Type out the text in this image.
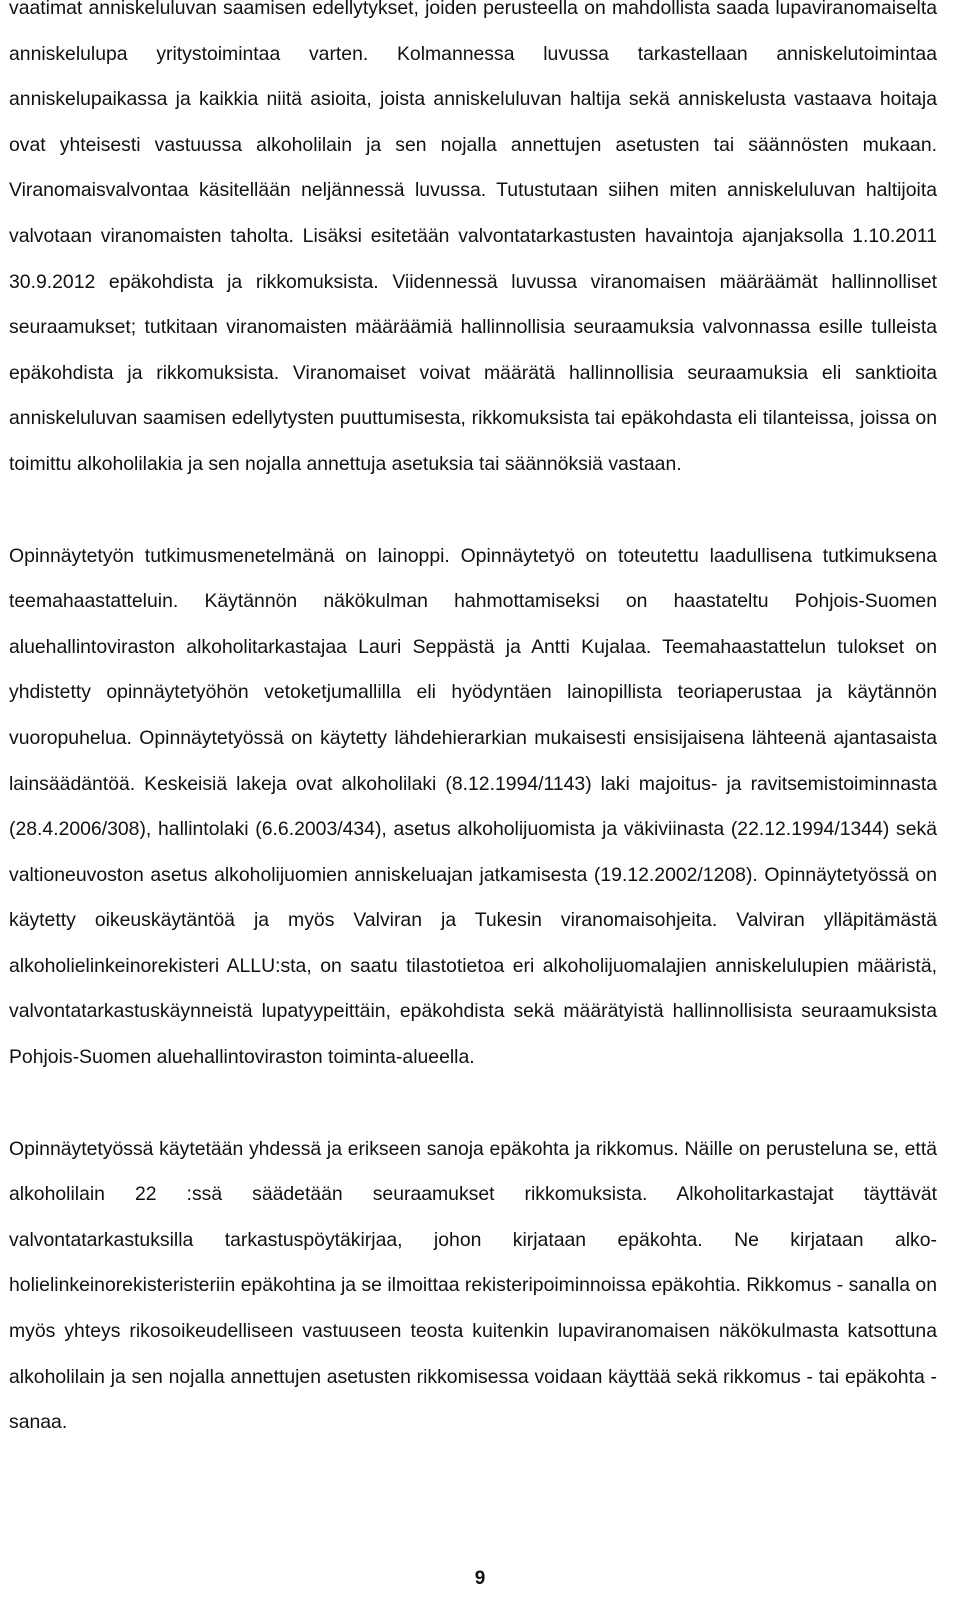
vaatimat anniskeluluvan saamisen edellytykset, joiden perusteella on mahdollista saada lupaviranomaiselta anniskelulupa yritystoimintaa varten. Kolmannessa luvussa tarkastellaan anniskelutoimintaa anniskelupaikassa ja kaikkia niitä asioita, joista anniskeluluvan haltija sekä anniskelusta vastaava hoitaja ovat yhteisesti vastuussa alkoholilain ja sen nojalla annettujen asetusten tai säännösten mukaan. Viranomaisvalvontaa käsitellään neljännessä luvussa. Tutustutaan siihen miten anniskeluluvan haltijoita valvotaan viranomaisten taholta. Lisäksi esitetään valvontatarkastusten havaintoja ajanjaksolla 1.10.2011 30.9.2012 epäkohdista ja rikkomuksista. Viidennessä luvussa viranomaisen määräämät hallinnolliset seuraamukset; tutkitaan viranomaisten määräämiä hallinnollisia seuraamuksia valvonnassa esille tulleista epäkohdista ja rikkomuksista. Viranomaiset voivat määrätä hallinnollisia seuraamuksia eli sanktioita anniskeluluvan saamisen edellytysten puuttumisesta, rikkomuksista tai epäkohdasta eli tilanteissa, joissa on toimittu alkoholilakia ja sen nojalla annettuja asetuksia tai säännöksiä vastaan.

Opinnäytetyön tutkimusmenetelmänä on lainoppi. Opinnäytetyö on toteutettu laadullisena tutkimuksena teemahaastatteluin. Käytännön näkökulman hahmottamiseksi on haastateltu Pohjois-Suomen aluehallintoviraston alkoholitarkastajaa Lauri Seppästä ja Antti Kujalaa. Teemahaastattelun tulokset on yhdistetty opinnäytetyöhön vetoketjumallilla eli hyödyntäen lainopillista teoriaperustaa ja käytännön vuoropuhelua. Opinnäytetyössä on käytetty lähdehierarkian mukaisesti ensisijaisena lähteenä ajantasaista lainsäädäntöä. Keskeisiä lakeja ovat alkoholilaki (8.12.1994/1143) laki majoitus- ja ravitsemistoiminnasta (28.4.2006/308), hallintolaki (6.6.2003/434), asetus alkoholijuomista ja väkiviinasta (22.12.1994/1344) sekä valtioneuvoston asetus alkoholijuomien anniskeluajan jatkamisesta (19.12.2002/1208). Opinnäytetyössä on käytetty oikeuskäytäntöä ja myös Valviran ja Tukesin viranomaisohjeita. Valviran ylläpitämästä alkoholielinkeinorekisteri ALLU:sta, on saatu tilastotietoa eri alkoholijuomalajien anniskelulupien määristä, valvontatarkastuskäynneistä lupatyypeittäin, epäkohdista sekä määrätyistä hallinnollisista seuraamuksista Pohjois-Suomen aluehallintoviraston toiminta-alueella.

Opinnäytetyössä käytetään yhdessä ja erikseen sanoja epäkohta ja rikkomus. Näille on perusteluna se, että alkoholilain 22 :ssä säädetään seuraamukset rikkomuksista. Alkoholitarkastajat täyttävät valvontatarkastuksilla tarkastuspöytäkirjaa, johon kirjataan epäkohta. Ne kirjataan alkoholielinkeinorekisteristeriin epäkohtina ja se ilmoittaa rekisteripoiminnoissa epäkohtia. Rikkomus - sanalla on myös yhteys rikosoikeudelliseen vastuuseen teosta kuitenkin lupaviranomaisen näkökulmasta katsottuna alkoholilain ja sen nojalla annettujen asetusten rikkomisessa voidaan käyttää sekä rikkomus - tai epäkohta -sanaa.

9
